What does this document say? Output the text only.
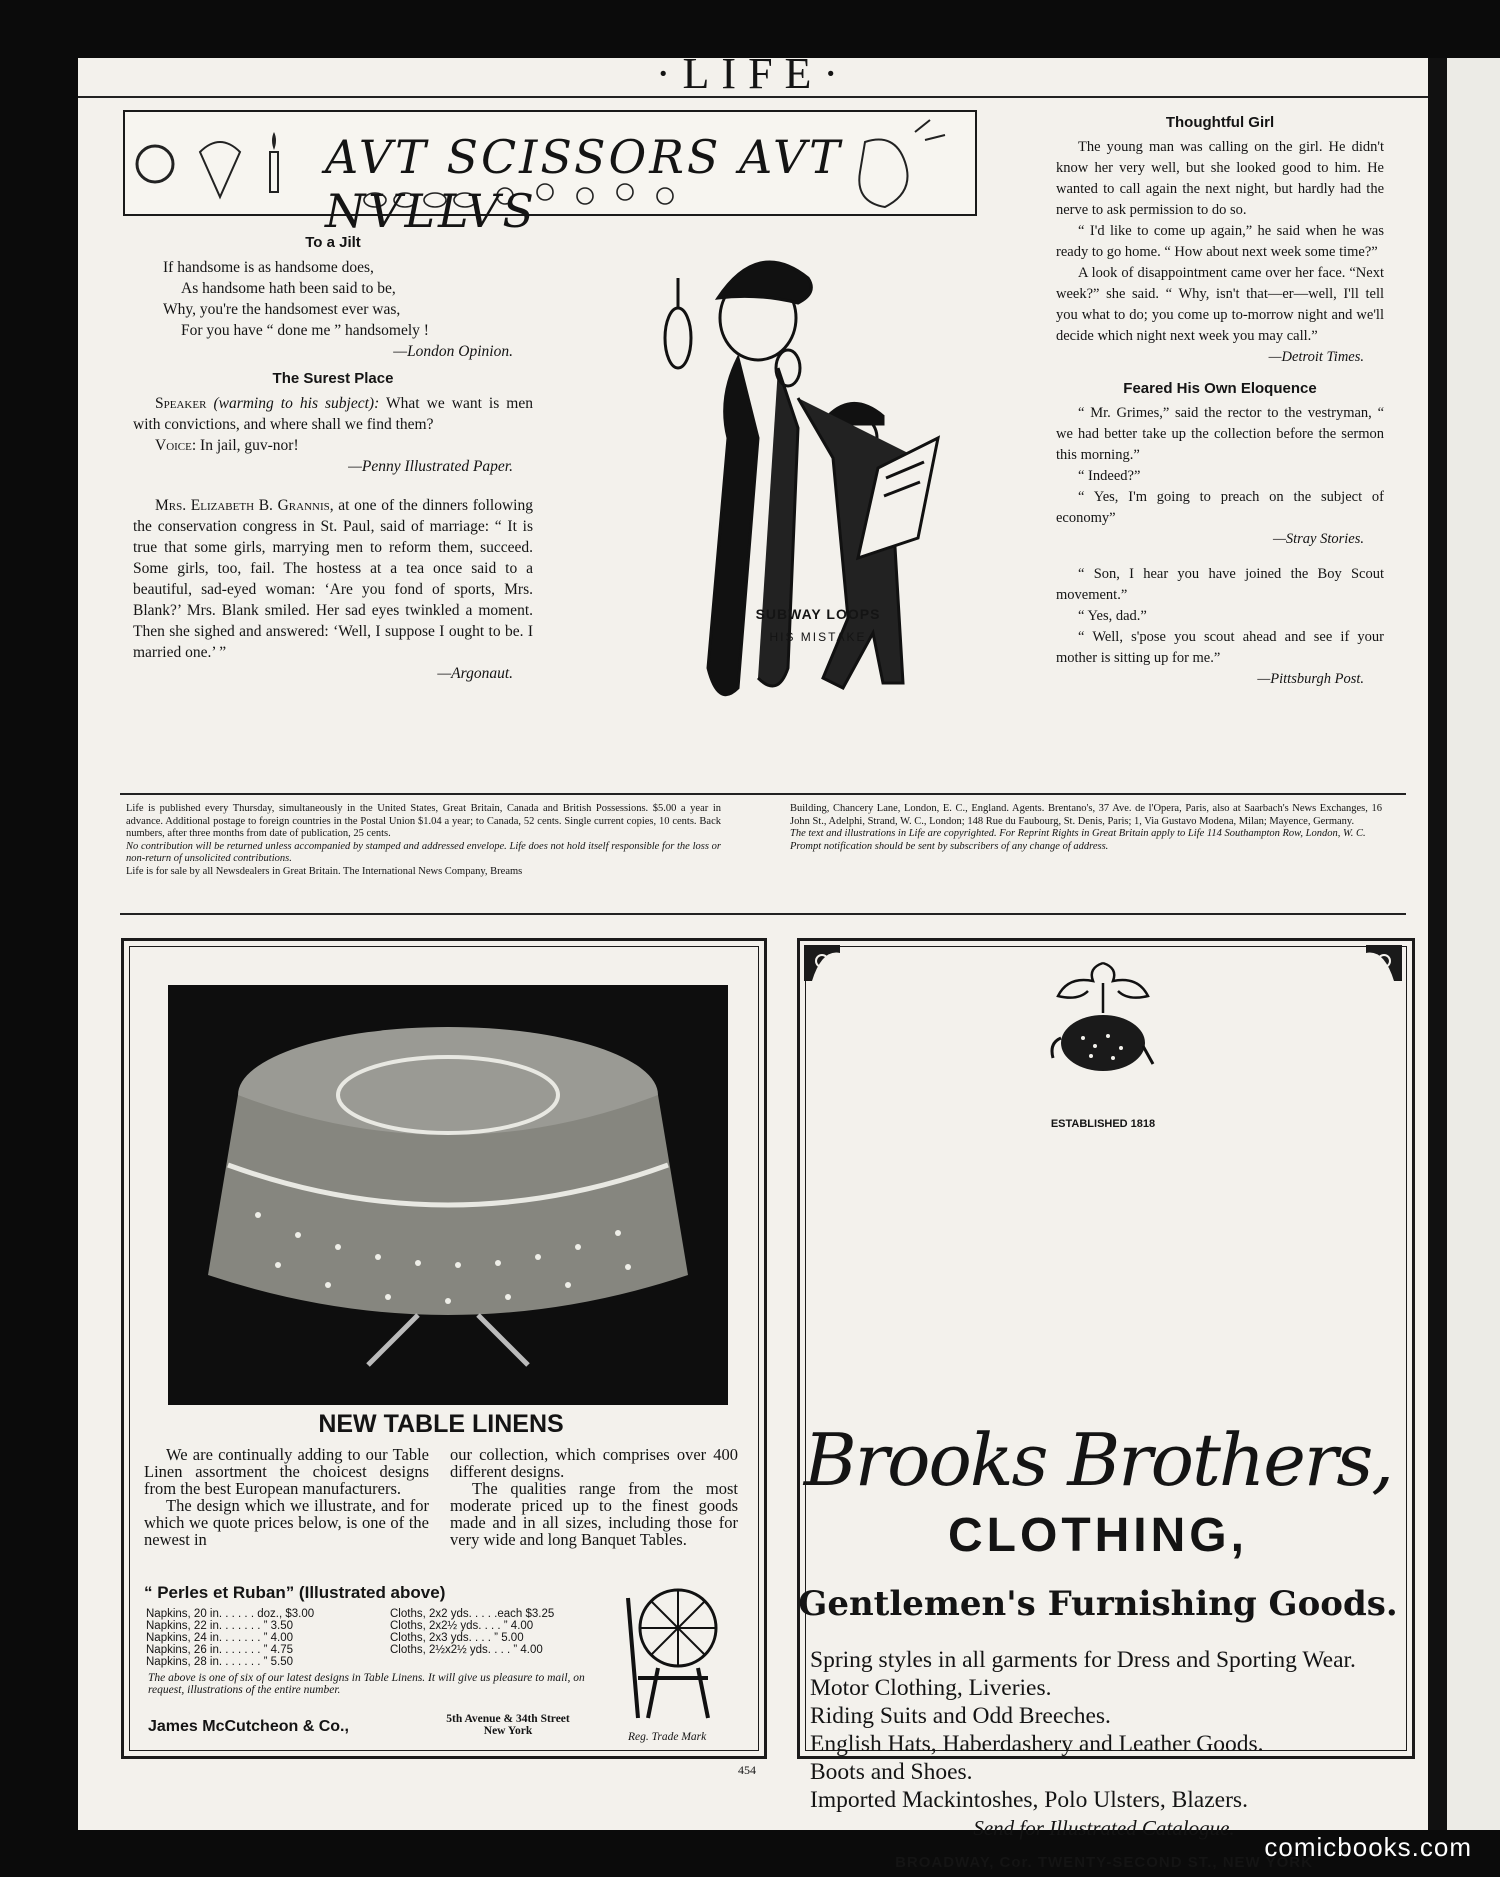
·LIFE·
AVT SCISSORS AVT NVLLVS
To a Jilt
If handsome is as handsome does,
As handsome hath been said to be,
Why, you're the handsomest ever was,
For you have “ done me ” handsomely !
—London Opinion.
The Surest Place

Speaker (warming to his subject): What we want is men with convictions, and where shall we find them?

Voice: In jail, guv-nor!

—Penny Illustrated Paper.

Mrs. Elizabeth B. Grannis, at one of the dinners following the conservation congress in St. Paul, said of marriage: “ It is true that some girls, marrying men to reform them, succeed. Some girls, too, fail. The hostess at a tea once said to a beautiful, sad-eyed woman: ‘Are you fond of sports, Mrs. Blank?’ Mrs. Blank smiled. Her sad eyes twinkled a moment. Then she sighed and answered: ‘Well, I suppose I ought to be. I married one.’ ”

—Argonaut.
SUBWAY LOOPS
HIS MISTAKE
Thoughtful Girl

The young man was calling on the girl. He didn't know her very well, but she looked good to him. He wanted to call again the next night, but hardly had the nerve to ask permission to do so.

“ I'd like to come up again,” he said when he was ready to go home. “ How about next week some time?”

A look of disappointment came over her face. “Next week?” she said. “ Why, isn't that—er—well, I'll tell you what to do; you come up to-morrow night and we'll decide which night next week you may call.”

—Detroit Times.
Feared His Own Eloquence

“ Mr. Grimes,” said the rector to the vestryman, “ we had better take up the collection before the sermon this morning.”

“ Indeed?”

“ Yes, I'm going to preach on the subject of economy”

—Stray Stories.

“ Son, I hear you have joined the Boy Scout movement.”

“ Yes, dad.”

“ Well, s'pose you scout ahead and see if your mother is sitting up for me.”

—Pittsburgh Post.
Life is published every Thursday, simultaneously in the United States, Great Britain, Canada and British Possessions. $5.00 a year in advance. Additional postage to foreign countries in the Postal Union $1.04 a year; to Canada, 52 cents. Single current copies, 10 cents. Back numbers, after three months from date of publication, 25 cents.
No contribution will be returned unless accompanied by stamped and addressed envelope. Life does not hold itself responsible for the loss or non-return of unsolicited contributions.
Life is for sale by all Newsdealers in Great Britain. The International News Company, Breams
Building, Chancery Lane, London, E. C., England. Agents. Brentano's, 37 Ave. de l'Opera, Paris, also at Saarbach's News Exchanges, 16 John St., Adelphi, Strand, W. C., London; 148 Rue du Faubourg, St. Denis, Paris; 1, Via Gustavo Modena, Milan; Mayence, Germany.
The text and illustrations in Life are copyrighted. For Reprint Rights in Great Britain apply to Life 114 Southampton Row, London, W. C.
Prompt notification should be sent by subscribers of any change of address.
NEW TABLE LINENS

We are continually adding to our Table Linen assortment the choicest designs from the best European manufacturers.

The design which we illustrate, and for which we quote prices below, is one of the newest in

our collection, which comprises over 400 different designs.

The qualities range from the most moderate priced up to the finest goods made and in all sizes, including those for very wide and long Banquet Tables.

“ Perles et Ruban” (Illustrated above)
Napkins, 20 in. . . . . . doz., $3.00
Napkins, 22 in. . . . . . . ” 3.50
Napkins, 24 in. . . . . . . ” 4.00
Napkins, 26 in. . . . . . . ” 4.75
Napkins, 28 in. . . . . . . ” 5.50
Cloths, 2x2 yds. . . . .each $3.25
Cloths, 2x2½ yds. . . . ” 4.00
Cloths, 2x3 yds. . . . ” 5.00
Cloths, 2½x2½ yds. . . . ” 4.00
The above is one of six of our latest designs in Table Linens. It will give us pleasure to mail, on request, illustrations of the entire number.
James McCutcheon & Co.,	5th Avenue & 34th Street
New York	Reg. Trade Mark
ESTABLISHED 1818
Brooks Brothers,
CLOTHING,
Gentlemen's Furnishing Goods.
Spring styles in all garments for Dress and Sporting Wear.
Motor Clothing, Liveries.
Riding Suits and Odd Breeches.
English Hats, Haberdashery and Leather Goods.
Boots and Shoes.
Imported Mackintoshes, Polo Ulsters, Blazers.
Send for Illustrated Catalogue.
BROADWAY, Cor. TWENTY-SECOND ST., NEW YORK
454
comicbooks.com
